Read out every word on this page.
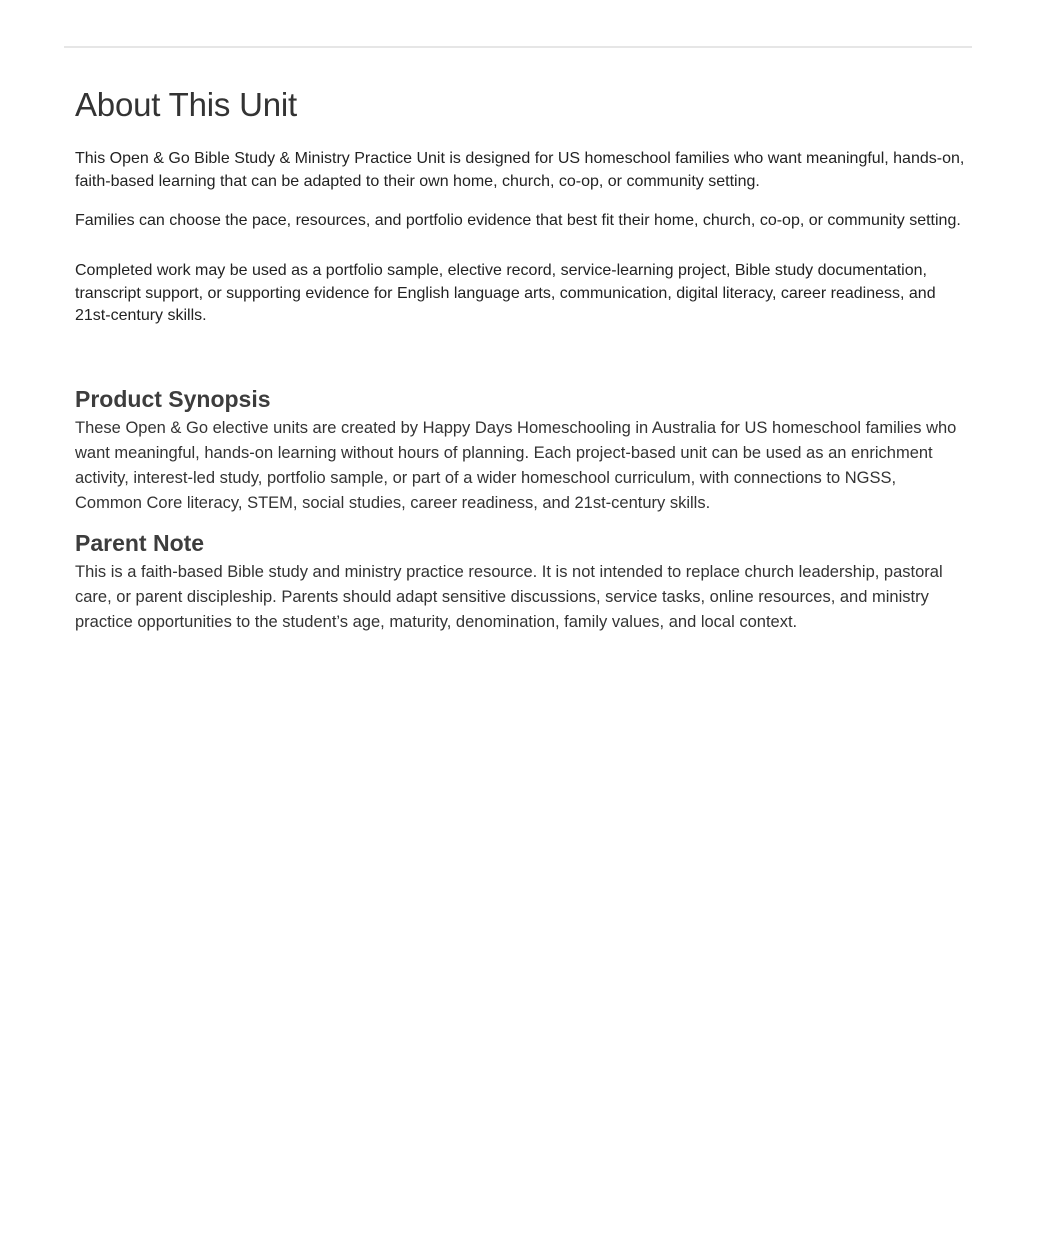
About This Unit

This Open & Go Bible Study & Ministry Practice Unit is designed for US homeschool families who want meaningful, hands-on, faith-based learning that can be adapted to their own home, church, co-op, or community setting.

Families can choose the pace, resources, and portfolio evidence that best fit their home, church, co-op, or community setting.

Completed work may be used as a portfolio sample, elective record, service-learning project, Bible study documentation, transcript support, or supporting evidence for English language arts, communication, digital literacy, career readiness, and 21st-century skills.

Product Synopsis

These Open & Go elective units are created by Happy Days Homeschooling in Australia for US homeschool families who want meaningful, hands-on learning without hours of planning. Each project-based unit can be used as an enrichment activity, interest-led study, portfolio sample, or part of a wider homeschool curriculum, with connections to NGSS, Common Core literacy, STEM, social studies, career readiness, and 21st-century skills.

Parent Note

This is a faith-based Bible study and ministry practice resource. It is not intended to replace church leadership, pastoral care, or parent discipleship. Parents should adapt sensitive discussions, service tasks, online resources, and ministry practice opportunities to the student’s age, maturity, denomination, family values, and local context.
